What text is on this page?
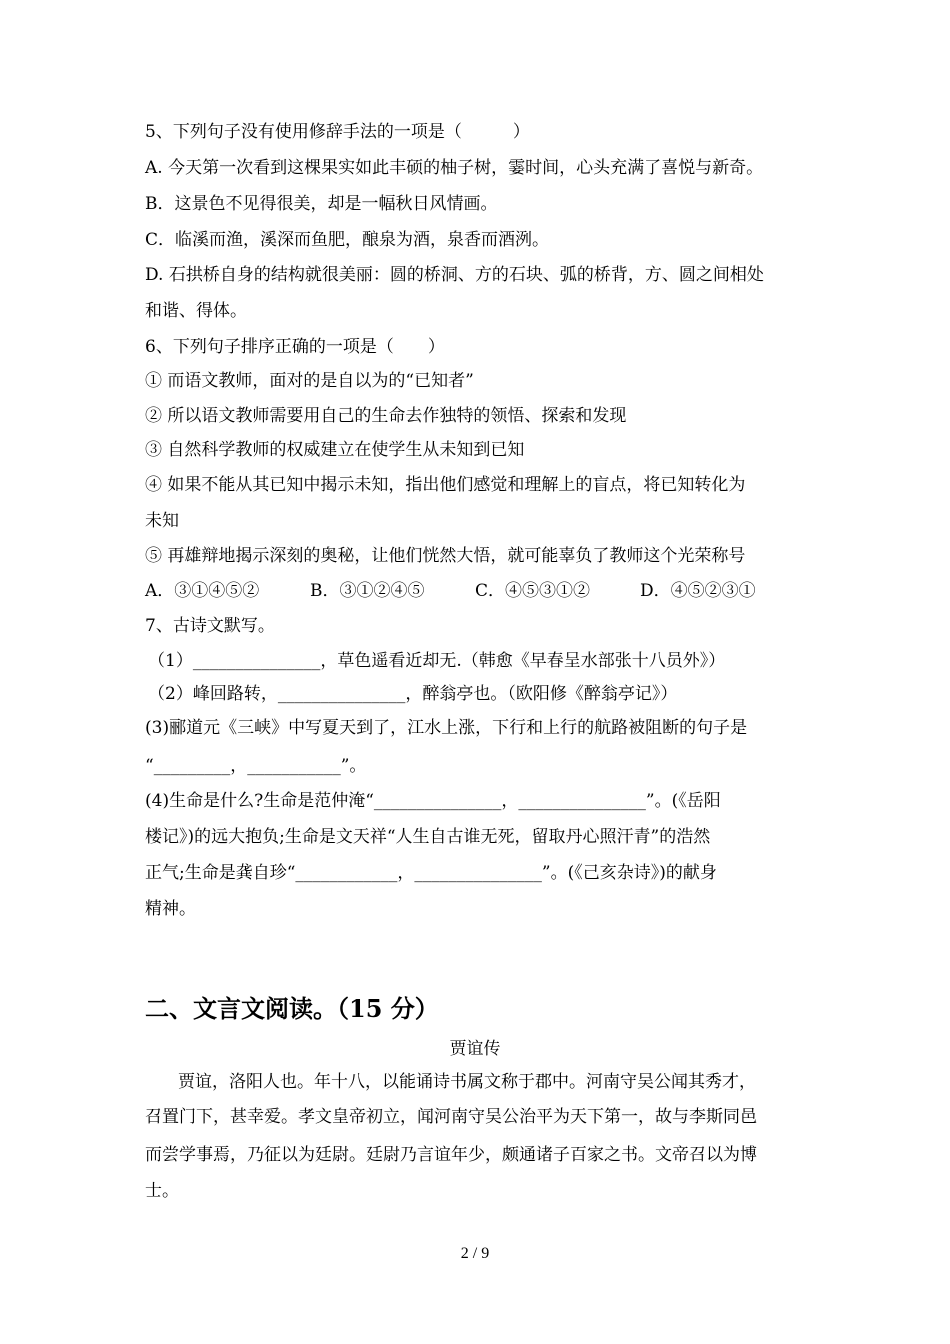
5、下列句子没有使用修辞手法的一项是（　　　）
A. 今天第一次看到这棵果实如此丰硕的柚子树，霎时间，心头充满了喜悦与新奇。
B．这景色不见得很美，却是一幅秋日风情画。
C．临溪而渔，溪深而鱼肥，酿泉为酒，泉香而酒洌。
D. 石拱桥自身的结构就很美丽：圆的桥洞、方的石块、弧的桥背，方、圆之间相处
和谐、得体。
6、下列句子排序正确的一项是（　　）
① 而语文教师，面对的是自以为的“已知者”
② 所以语文教师需要用自己的生命去作独特的领悟、探索和发现
③ 自然科学教师的权威建立在使学生从未知到已知
④ 如果不能从其已知中揭示未知，指出他们感觉和理解上的盲点，将已知转化为
未知
⑤ 再雄辩地揭示深刻的奥秘，让他们恍然大悟，就可能辜负了教师这个光荣称号
A．③①④⑤②	B．③①②④⑤	C．④⑤③①②	D．④⑤②③①
7、古诗文默写。
（1）_______________，草色遥看近却无.（韩愈《早春呈水部张十八员外》）
（2）峰回路转，_______________，醉翁亭也。（欧阳修《醉翁亭记》）
(3)郦道元《三峡》中写夏天到了，江水上涨，下行和上行的航路被阻断的句子是
“_________，___________”。
(4)生命是什么?生命是范仲淹“_______________，_______________”。(《岳阳
楼记》)的远大抱负;生命是文天祥“人生自古谁无死，留取丹心照汗青”的浩然
正气;生命是龚自珍“____________，_______________”。(《己亥杂诗》)的献身
精神。
二、文言文阅读。（15 分）
贾谊传
贾谊，洛阳人也。年十八，以能诵诗书属文称于郡中。河南守吴公闻其秀才，
召置门下，甚幸爱。孝文皇帝初立，闻河南守吴公治平为天下第一，故与李斯同邑
而尝学事焉，乃征以为廷尉。廷尉乃言谊年少，颇通诸子百家之书。文帝召以为博
士。
2 / 9
